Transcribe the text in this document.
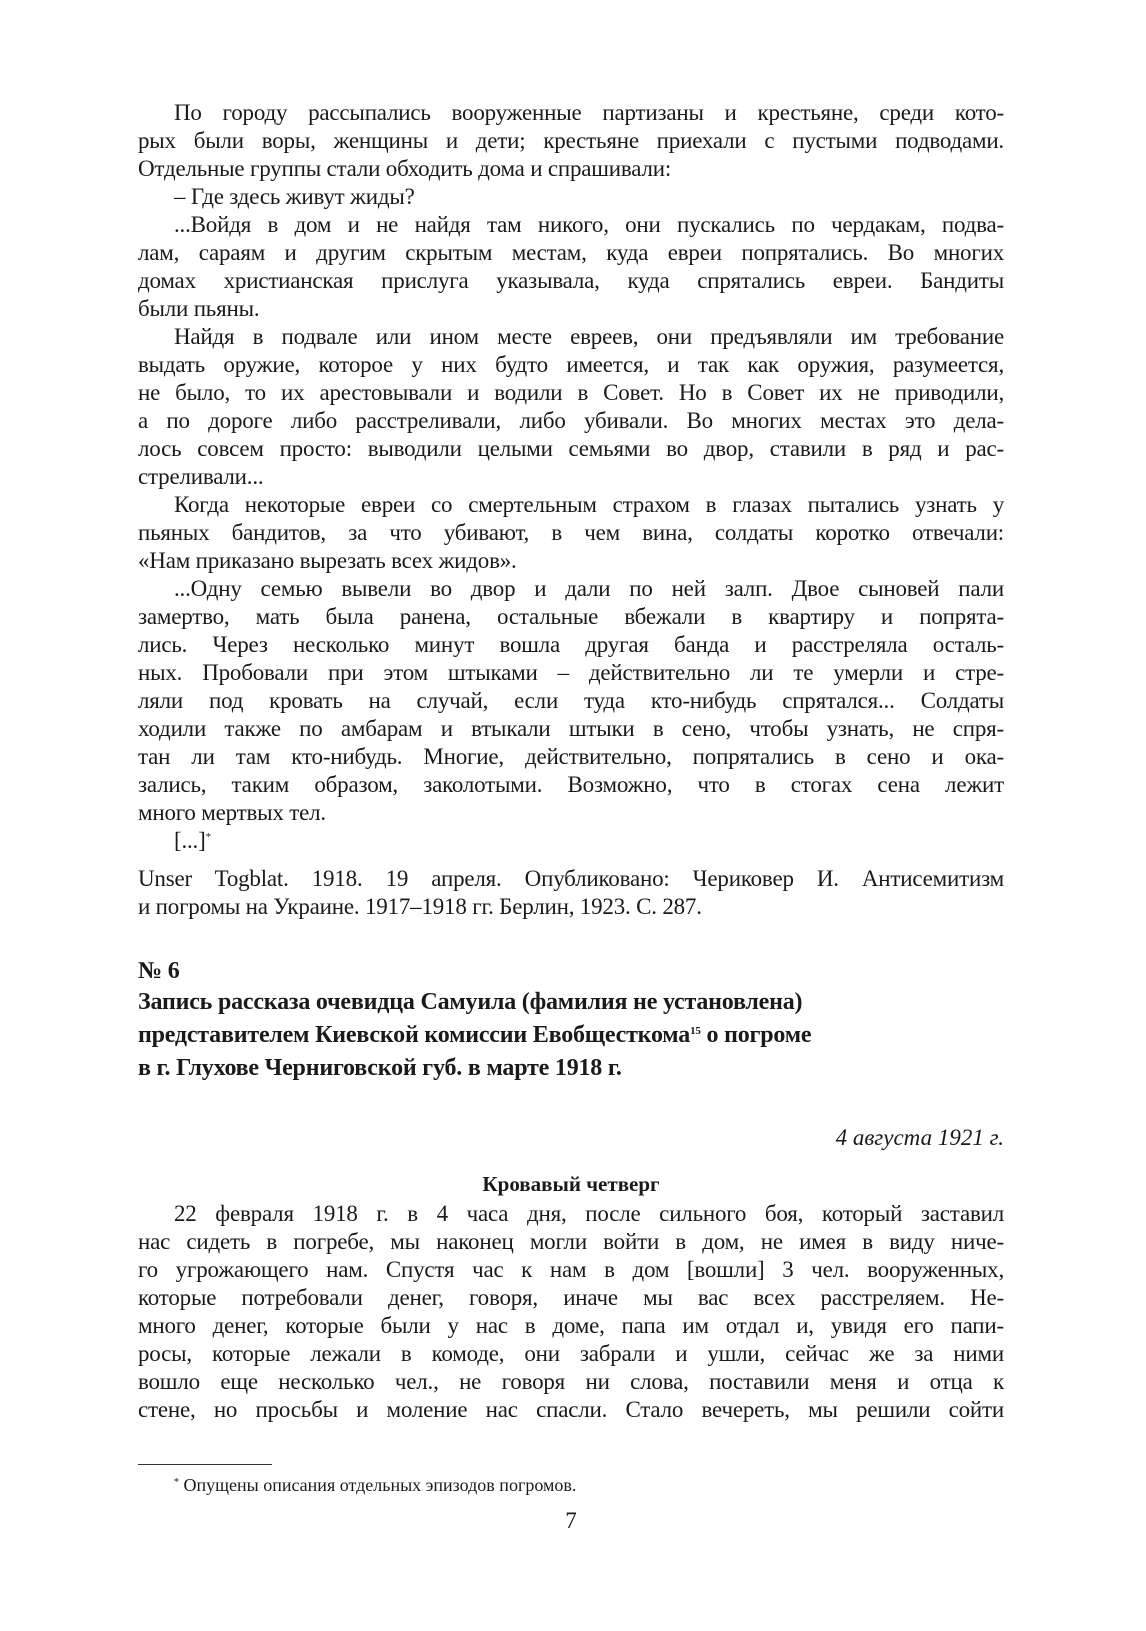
По городу рассыпались вооруженные партизаны и крестьяне, среди кото-
рых были воры, женщины и дети; крестьяне приехали с пустыми подводами.
Отдельные группы стали обходить дома и спрашивали:
– Где здесь живут жиды?
...Войдя в дом и не найдя там никого, они пускались по чердакам, подва-
лам, сараям и другим скрытым местам, куда евреи попрятались. Во многих
домах христианская прислуга указывала, куда спрятались евреи. Бандиты
были пьяны.
Найдя в подвале или ином месте евреев, они предъявляли им требование
выдать оружие, которое у них будто имеется, и так как оружия, разумеется,
не было, то их арестовывали и водили в Совет. Но в Совет их не приводили,
а по дороге либо расстреливали, либо убивали. Во многих местах это дела-
лось совсем просто: выводили целыми семьями во двор, ставили в ряд и рас-
стреливали...
Когда некоторые евреи со смертельным страхом в глазах пытались узнать у
пьяных бандитов, за что убивают, в чем вина, солдаты коротко отвечали:
«Нам приказано вырезать всех жидов».
...Одну семью вывели во двор и дали по ней залп. Двое сыновей пали
замертво, мать была ранена, остальные вбежали в квартиру и попрята-
лись. Через несколько минут вошла другая банда и расстреляла осталь-
ных. Пробовали при этом штыками – действительно ли те умерли и стре-
ляли под кровать на случай, если туда кто-нибудь спрятался... Солдаты
ходили также по амбарам и втыкали штыки в сено, чтобы узнать, не спря-
тан ли там кто-нибудь. Многие, действительно, попрятались в сено и ока-
зались, таким образом, заколотыми. Возможно, что в стогах сена лежит
много мертвых тел.
[...]*
Unser Togblat. 1918. 19 апреля. Опубликовано: Чериковер И. Антисемитизм
и погромы на Украине. 1917–1918 гг. Берлин, 1923. С. 287.
№ 6
Запись рассказа очевидца Самуила (фамилия не установлена)
представителем Киевской комиссии Евобщесткома$^{15}$ о погроме
в г. Глухове Черниговской губ. в марте 1918 г.
4 августа 1921 г.
Кровавый четверг
22 февраля 1918 г. в 4 часа дня, после сильного боя, который заставил
нас сидеть в погребе, мы наконец могли войти в дом, не имея в виду ниче-
го угрожающего нам. Спустя час к нам в дом [вошли] 3 чел. вооруженных,
которые потребовали денег, говоря, иначе мы вас всех расстреляем. Не-
много денег, которые были у нас в доме, папа им отдал и, увидя его папи-
росы, которые лежали в комоде, они забрали и ушли, сейчас же за ними
вошло еще несколько чел., не говоря ни слова, поставили меня и отца к
стене, но просьбы и моление нас спасли. Стало вечереть, мы решили сойти
* Опущены описания отдельных эпизодов погромов.
7
